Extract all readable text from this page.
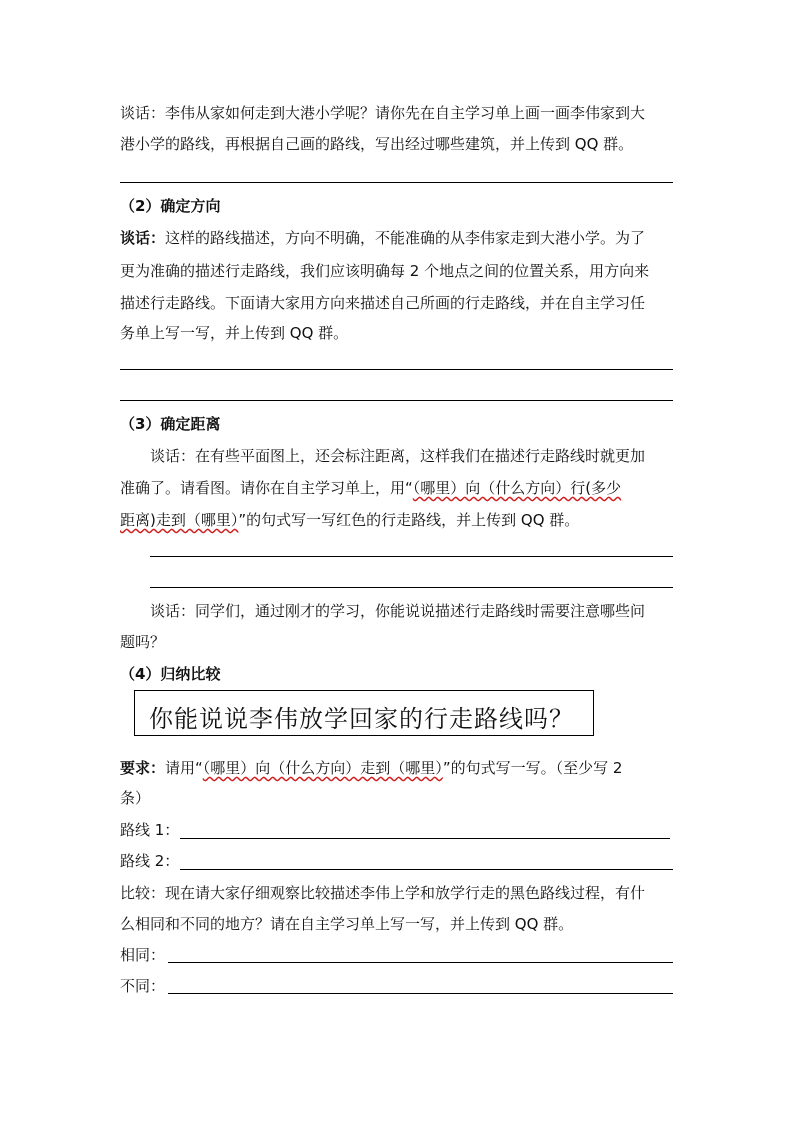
谈话：李伟从家如何走到大港小学呢？请你先在自主学习单上画一画李伟家到大
港小学的路线，再根据自己画的路线，写出经过哪些建筑，并上传到 QQ 群。
（2）确定方向
谈话：这样的路线描述，方向不明确，不能准确的从李伟家走到大港小学。为了
更为准确的描述行走路线，我们应该明确每 2 个地点之间的位置关系，用方向来
描述行走路线。下面请大家用方向来描述自己所画的行走路线，并在自主学习任
务单上写一写，并上传到 QQ 群。
（3）确定距离
谈话：在有些平面图上，还会标注距离，这样我们在描述行走路线时就更加
准确了。请看图。请你在自主学习单上，用“（哪里）向（什么方向）行(多少
距离)走到（哪里）”的句式写一写红色的行走路线，并上传到 QQ 群。
谈话：同学们，通过刚才的学习，你能说说描述行走路线时需要注意哪些问
题吗？
（4）归纳比较
你能说说李伟放学回家的行走路线吗？
要求：请用“（哪里）向（什么方向）走到（哪里）”的句式写一写。（至少写 2
条）
路线 1：
路线 2：
比较：现在请大家仔细观察比较描述李伟上学和放学行走的黑色路线过程，有什
么相同和不同的地方？请在自主学习单上写一写，并上传到 QQ 群。
相同：
不同：
